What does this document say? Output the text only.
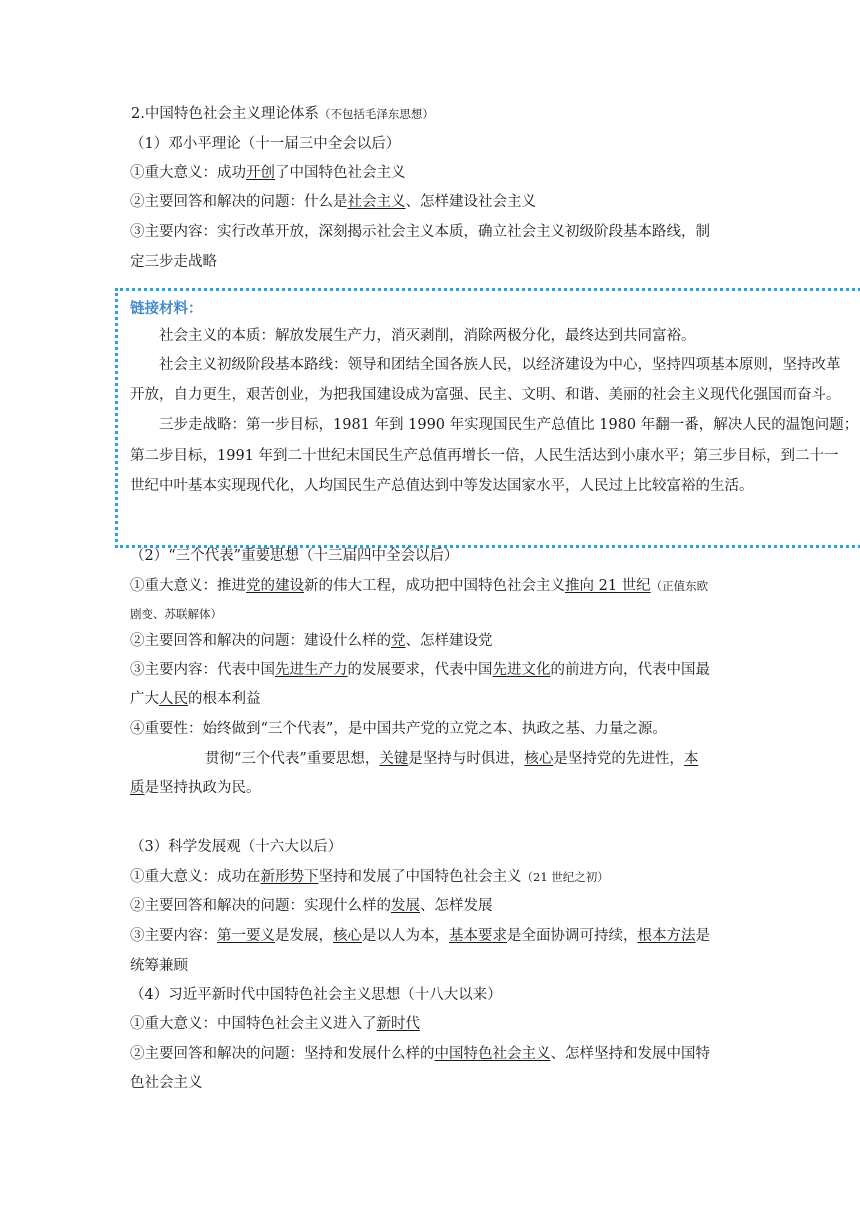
2.中国特色社会主义理论体系（不包括毛泽东思想）
（1）邓小平理论（十一届三中全会以后）
①重大意义：成功开创了中国特色社会主义
②主要回答和解决的问题：什么是社会主义、怎样建设社会主义
③主要内容：实行改革开放，深刻揭示社会主义本质，确立社会主义初级阶段基本路线，制
定三步走战略
链接材料：
社会主义的本质：解放发展生产力，消灭剥削，消除两极分化，最终达到共同富裕。
社会主义初级阶段基本路线：领导和团结全国各族人民，以经济建设为中心，坚持四项基本原则，坚持改革
开放，自力更生，艰苦创业，为把我国建设成为富强、民主、文明、和谐、美丽的社会主义现代化强国而奋斗。
三步走战略：第一步目标，1981 年到 1990 年实现国民生产总值比 1980 年翻一番，解决人民的温饱问题；
第二步目标，1991 年到二十世纪末国民生产总值再增长一倍，人民生活达到小康水平；第三步目标，到二十一
世纪中叶基本实现现代化，人均国民生产总值达到中等发达国家水平，人民过上比较富裕的生活。
（2）“三个代表”重要思想（十三届四中全会以后）
①重大意义：推进党的建设新的伟大工程，成功把中国特色社会主义推向 21 世纪（正值东欧
剧变、苏联解体）
②主要回答和解决的问题：建设什么样的党、怎样建设党
③主要内容：代表中国先进生产力的发展要求，代表中国先进文化的前进方向，代表中国最
广大人民的根本利益
④重要性：始终做到“三个代表”，是中国共产党的立党之本、执政之基、力量之源。
贯彻“三个代表”重要思想，关键是坚持与时俱进，核心是坚持党的先进性，本
质是坚持执政为民。
（3）科学发展观（十六大以后）
①重大意义：成功在新形势下坚持和发展了中国特色社会主义（21 世纪之初）
②主要回答和解决的问题：实现什么样的发展、怎样发展
③主要内容：第一要义是发展，核心是以人为本，基本要求是全面协调可持续，根本方法是
统筹兼顾
（4）习近平新时代中国特色社会主义思想（十八大以来）
①重大意义：中国特色社会主义进入了新时代
②主要回答和解决的问题：坚持和发展什么样的中国特色社会主义、怎样坚持和发展中国特
色社会主义
